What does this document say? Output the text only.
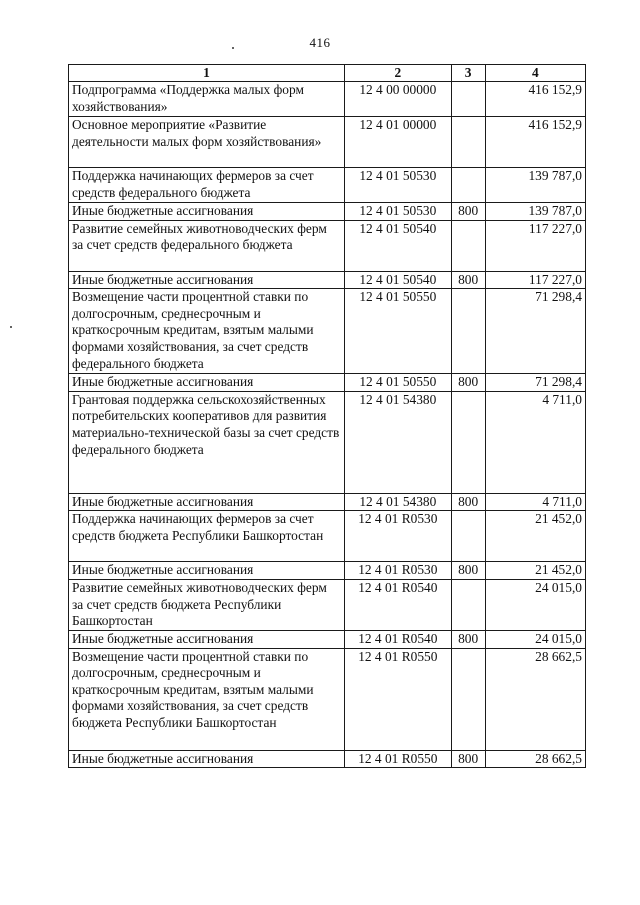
416
1	2	3	4
Подпрограмма «Поддержка малых форм хозяйствования»	12 4 00 00000		416 152,9
Основное мероприятие «Развитие деятельности малых форм хозяйствования»	12 4 01 00000		416 152,9
Поддержка начинающих фермеров за счет средств федерального бюджета	12 4 01 50530		139 787,0
Иные бюджетные ассигнования	12 4 01 50530	800	139 787,0
Развитие семейных животноводческих ферм за счет средств федерального бюджета	12 4 01 50540		117 227,0
Иные бюджетные ассигнования	12 4 01 50540	800	117 227,0
Возмещение части процентной ставки по долгосрочным, среднесрочным и краткосрочным кредитам, взятым малыми формами хозяйствования, за счет средств федерального бюджета	12 4 01 50550		71 298,4
Иные бюджетные ассигнования	12 4 01 50550	800	71 298,4
Грантовая поддержка сельскохозяйственных потребительских кооперативов для развития материально-технической базы за счет средств федерального бюджета	12 4 01 54380		4 711,0
Иные бюджетные ассигнования	12 4 01 54380	800	4 711,0
Поддержка начинающих фермеров за счет средств бюджета Республики Башкортостан	12 4 01 R0530		21 452,0
Иные бюджетные ассигнования	12 4 01 R0530	800	21 452,0
Развитие семейных животноводческих ферм за счет средств бюджета Республики Башкортостан	12 4 01 R0540		24 015,0
Иные бюджетные ассигнования	12 4 01 R0540	800	24 015,0
Возмещение части процентной ставки по долгосрочным, среднесрочным и краткосрочным кредитам, взятым малыми формами хозяйствования, за счет средств бюджета Республики Башкортостан	12 4 01 R0550		28 662,5
Иные бюджетные ассигнования	12 4 01 R0550	800	28 662,5
